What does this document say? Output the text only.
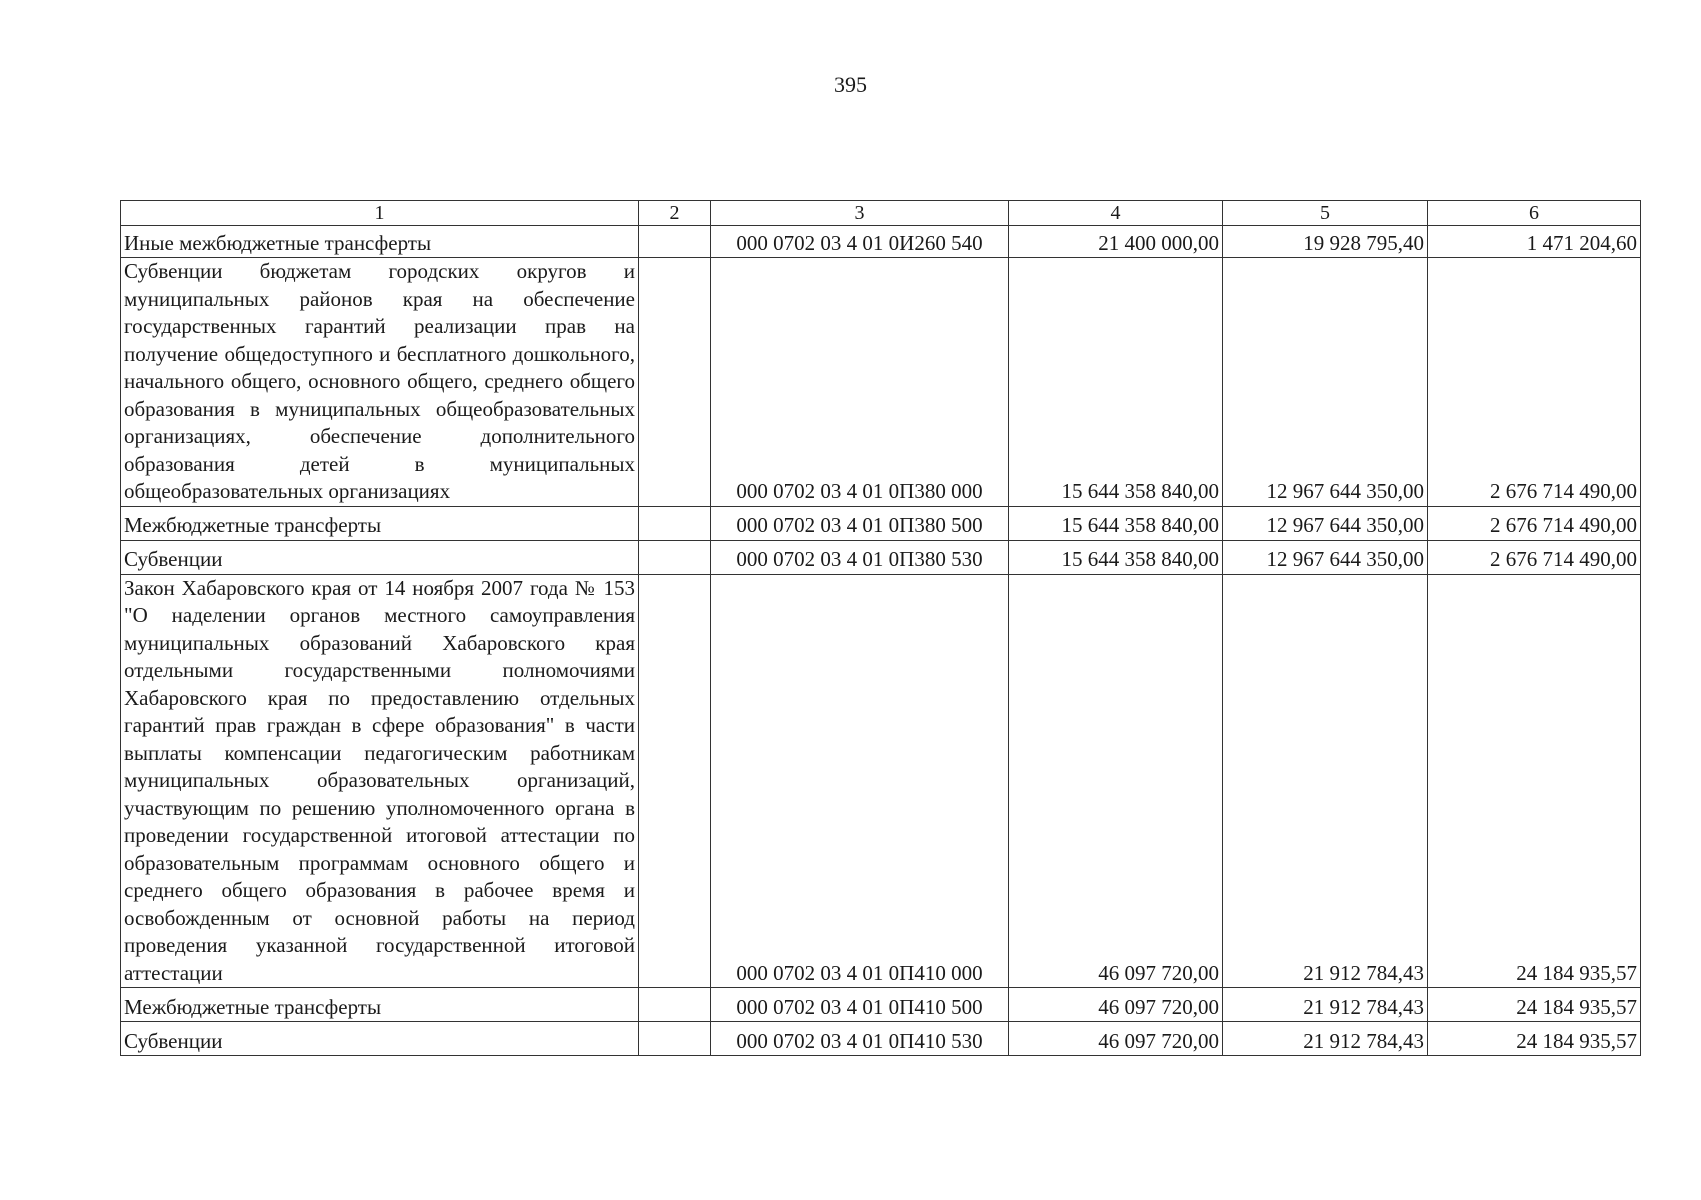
395
1	2	3	4	5	6
Иные межбюджетные трансферты		000 0702 03 4 01 0И260 540	21 400 000,00	19 928 795,40	1 471 204,60
Субвенции бюджетам городских округов и муниципальных районов края на обеспечение государственных гарантий реализации прав на получение общедоступного и бесплатного дошкольного, начального общего, основного общего, среднего общего образования в муниципальных общеобразовательных организациях, обеспечение дополнительного образования детей в муниципальных общеобразовательных организациях		000 0702 03 4 01 0П380 000	15 644 358 840,00	12 967 644 350,00	2 676 714 490,00
Межбюджетные трансферты		000 0702 03 4 01 0П380 500	15 644 358 840,00	12 967 644 350,00	2 676 714 490,00
Субвенции		000 0702 03 4 01 0П380 530	15 644 358 840,00	12 967 644 350,00	2 676 714 490,00
Закон Хабаровского края от 14 ноября 2007 года № 153 "О наделении органов местного самоуправления муниципальных образований Хабаровского края отдельными государственными полномочиями Хабаровского края по предоставлению отдельных гарантий прав граждан в сфере образования" в части выплаты компенсации педагогическим работникам муниципальных образовательных организаций, участвующим по решению уполномоченного органа в проведении государственной итоговой аттестации по образовательным программам основного общего и среднего общего образования в рабочее время и освобожденным от основной работы на период проведения указанной государственной итоговой аттестации		000 0702 03 4 01 0П410 000	46 097 720,00	21 912 784,43	24 184 935,57
Межбюджетные трансферты		000 0702 03 4 01 0П410 500	46 097 720,00	21 912 784,43	24 184 935,57
Субвенции		000 0702 03 4 01 0П410 530	46 097 720,00	21 912 784,43	24 184 935,57
